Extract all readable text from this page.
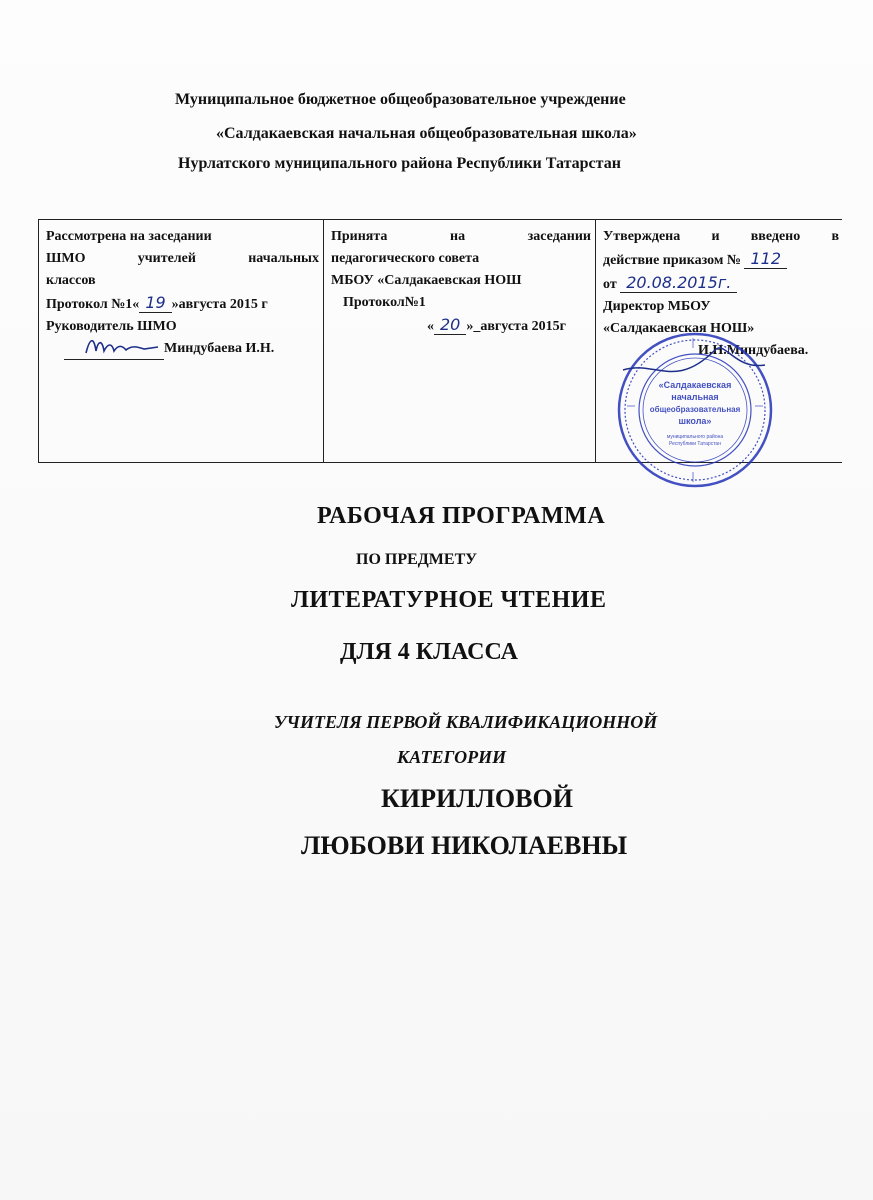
Муниципальное бюджетное общеобразовательное учреждение
«Салдакаевская начальная общеобразовательная школа»
Нурлатского муниципального района Республики Татарстан
Рассмотрена на заседании
ШМО	учителей	начальных
классов
Протокол №1« 19 »августа 2015 г
Руководитель ШМО
Миндубаева И.Н.
Принята	на	заседании
педагогического совета
МБОУ «Салдакаевская НОШ
Протокол№1
« 20 »_августа 2015г
Утверждена и введено в
действие приказом № 112
от 20.08.2015г.
Директор МБОУ
«Салдакаевская НОШ»
И.Н.Миндубаева.
«Салдакаевская
начальная
общеобразовательная
школа»
муниципального района
Республики Татарстан
РАБОЧАЯ ПРОГРАММА
ПО ПРЕДМЕТУ
ЛИТЕРАТУРНОЕ ЧТЕНИЕ
ДЛЯ 4 КЛАССА
УЧИТЕЛЯ ПЕРВОЙ КВАЛИФИКАЦИОННОЙ
КАТЕГОРИИ
КИРИЛЛОВОЙ
ЛЮБОВИ НИКОЛАЕВНЫ
